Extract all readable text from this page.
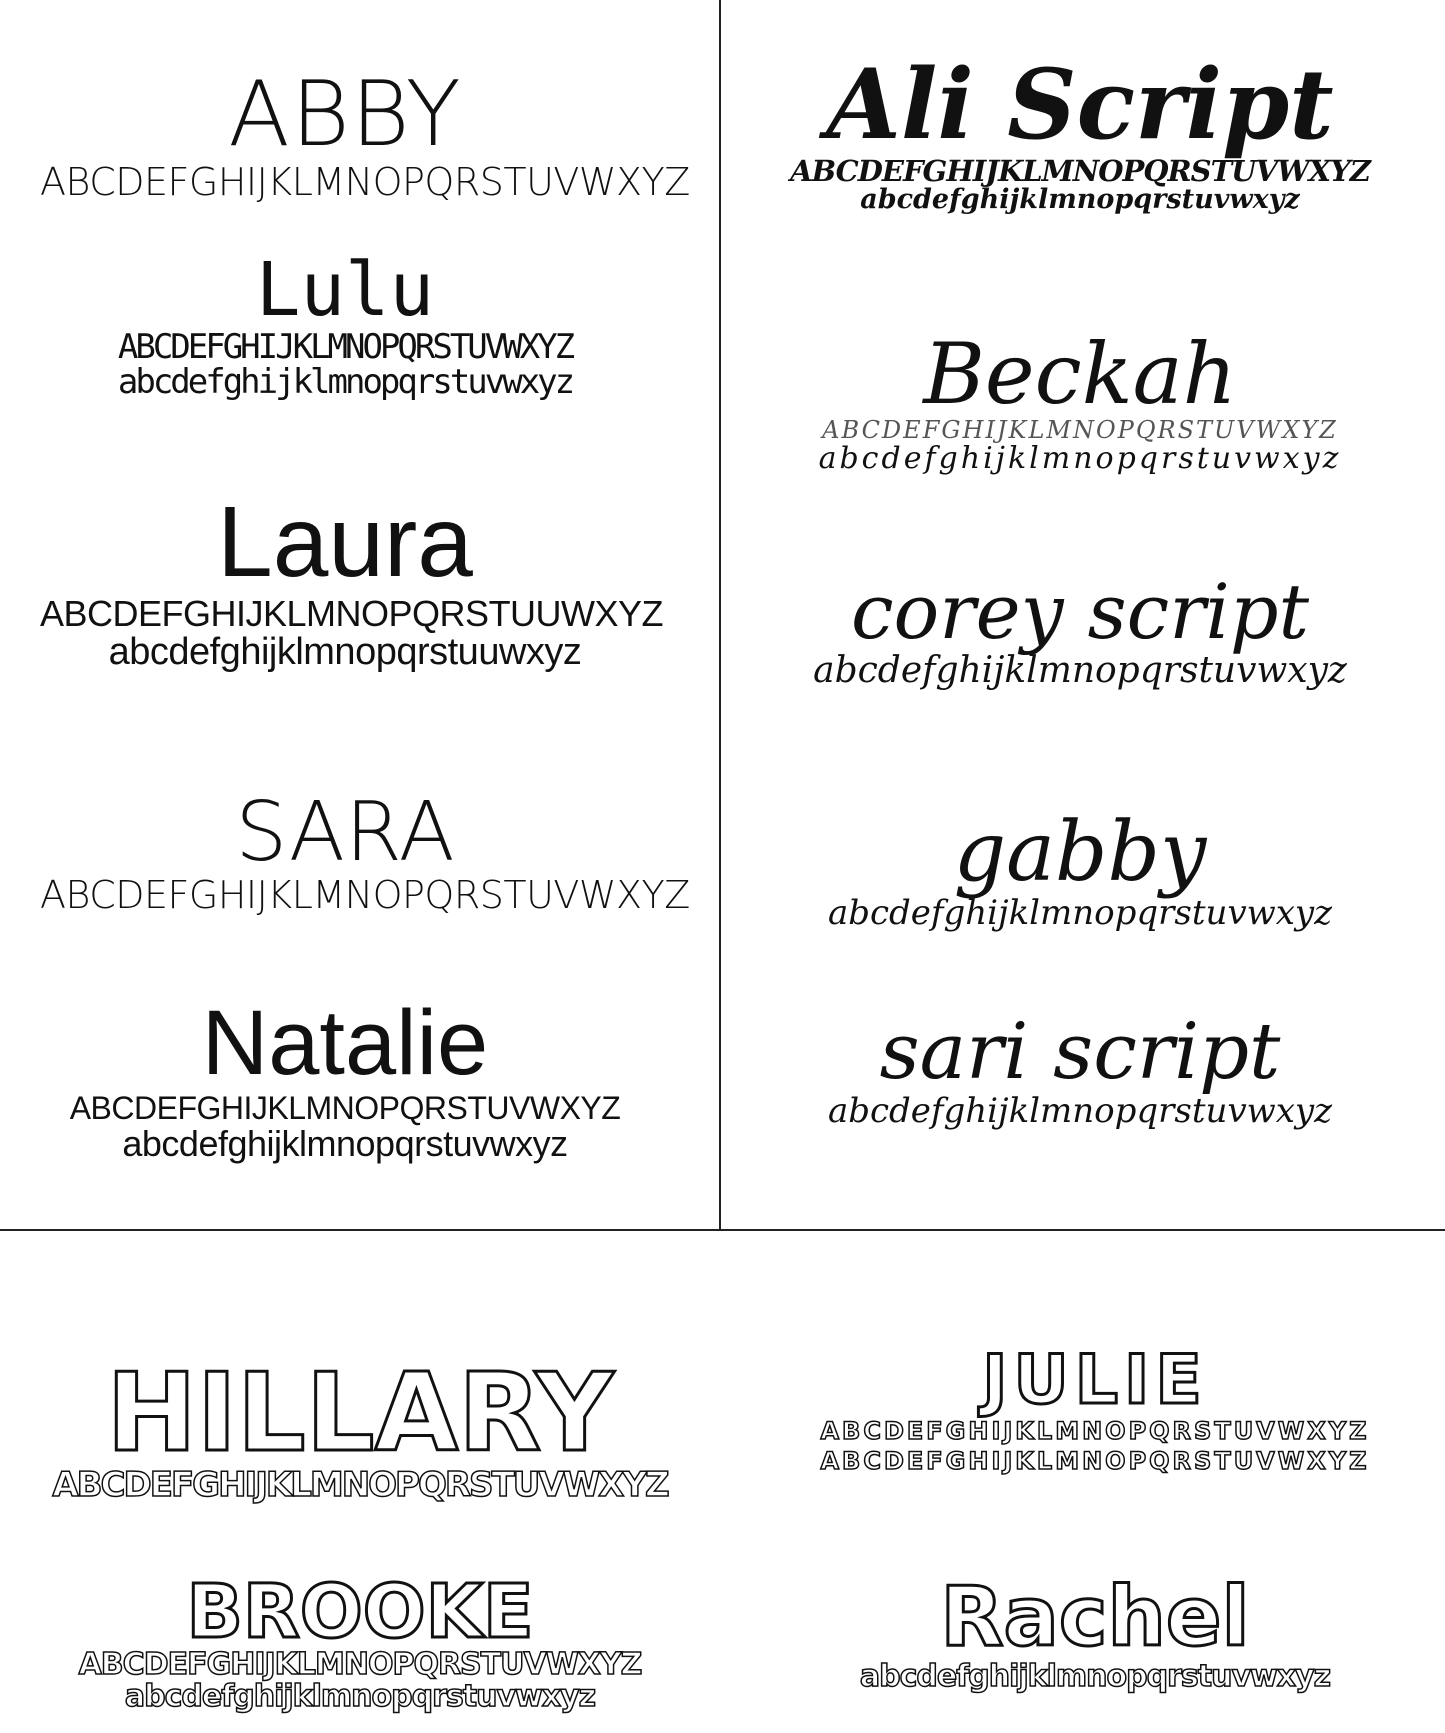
ABBY
ABCDEFGHIJKLMNOPQRSTUVWXYZ
Lulu
ABCDEFGHIJKLMNOPQRSTUVWXYZ
abcdefghijklmnopqrstuvwxyz
Laura
ABCDEFGHIJKLMNOPQRSTUUWXYZ
abcdefghijklmnopqrstuuwxyz
SARA
ABCDEFGHIJKLMNOPQRSTUVWXYZ
Natalie
ABCDEFGHIJKLMNOPQRSTUVWXYZ
abcdefghijklmnopqrstuvwxyz
Ali Script
ABCDEFGHIJKLMNOPQRSTUVWXYZ
abcdefghijklmnopqrstuvwxyz
Beckah
ABCDEFGHIJKLMNOPQRSTUVWXYZ
abcdefghijklmnopqrstuvwxyz
corey script
abcdefghijklmnopqrstuvwxyz
gabby
abcdefghijklmnopqrstuvwxyz
sari script
abcdefghijklmnopqrstuvwxyz
HILLARY
ABCDEFGHIJKLMNOPQRSTUVWXYZ
BROOKE
ABCDEFGHIJKLMNOPQRSTUVWXYZ
abcdefghijklmnopqrstuvwxyz
JULIE
ABCDEFGHIJKLMNOPQRSTUVWXYZ
ABCDEFGHIJKLMNOPQRSTUVWXYZ
Rachel
abcdefghijklmnopqrstuvwxyz
